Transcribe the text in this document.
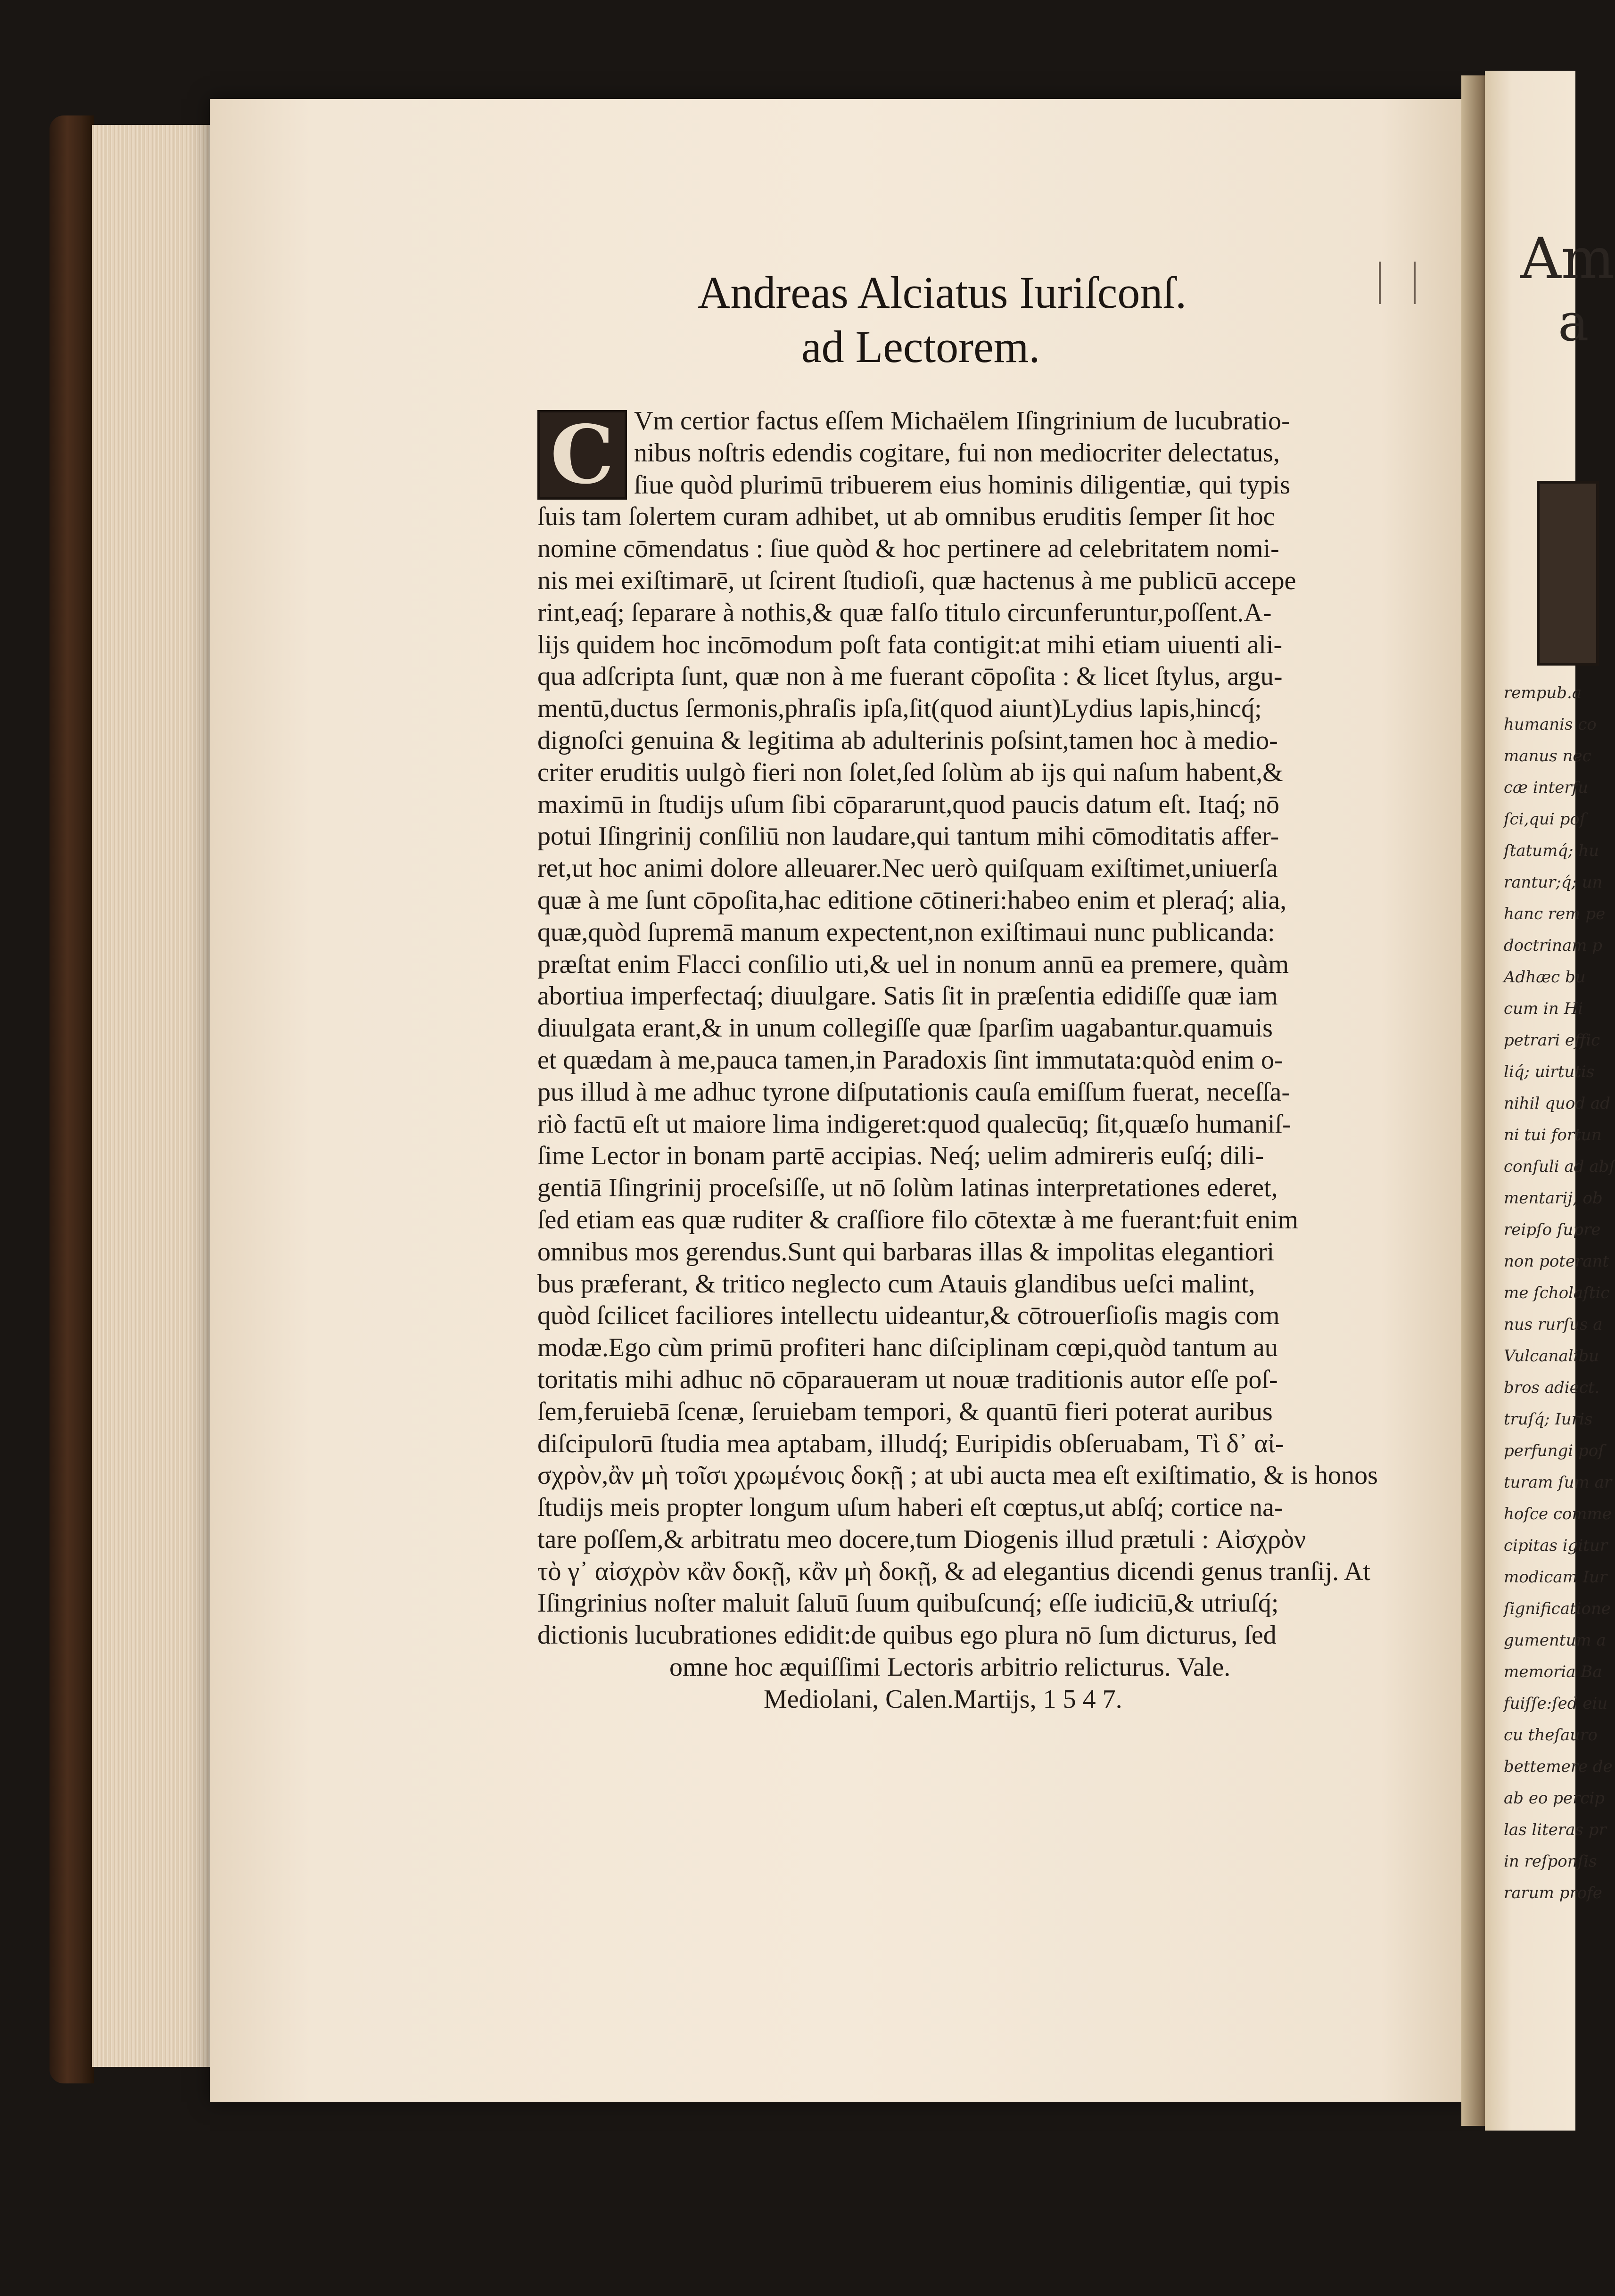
Am
a
rempub.a
humanis co
manus nec
cæ interfu
ſci,qui poſ
ſtatumq́; hu
rantur;q́; un
hanc rem pe
doctrinam p
Adhæc bu
cum in Hi
petrari effic
liq́; uirtutis
nihil quod ad
ni tui fortun
conſuli ad abſ
mentarij, ob
reipſo ſupre
non poterant
me ſcholaſtic
nus rurſus a
Vulcanalibu
bros adiect.
truſq́; Iuris
perfungi poſ
turam ſum ar
hoſce comme
cipitas igitur
modicam Iur
ſignificatione
gumentum a
memoria Ba
fuiſſe:ſed eiu
cu theſauro
bettemere de
ab eo percip
las literas pr
in reſponſis
rarum profe
Andreas Alciatus Iuriſconſ.
ad Lectorem.
Vm certior factus eſſem Michaëlem Iſingrinium de lucubratio-
nibus noſtris edendis cogitare, fui non mediocriter delectatus,
ſiue quòd plurimū tribuerem eius hominis diligentiæ, qui typis
ſuis tam ſolertem curam adhibet, ut ab omnibus eruditis ſemper ſit hoc
nomine cōmendatus : ſiue quòd & hoc pertinere ad celebritatem nomi-
nis mei exiſtimarē, ut ſcirent ſtudioſi, quæ hactenus à me publicū accepe
rint,eaq́; ſeparare à nothis,& quæ falſo titulo circunferuntur,poſſent.A-
lijs quidem hoc incōmodum poſt fata contigit:at mihi etiam uiuenti ali-
qua adſcripta ſunt, quæ non à me fuerant cōpoſita : & licet ſtylus, argu-
mentū,ductus ſermonis,phraſis ipſa,ſit(quod aiunt)Lydius lapis,hincq́;
dignoſci genuina & legitima ab adulterinis poſsint,tamen hoc à medio-
criter eruditis uulgò fieri non ſolet,ſed ſolùm ab ijs qui naſum habent,&
maximū in ſtudijs uſum ſibi cōpararunt,quod paucis datum eſt. Itaq́; nō
potui Iſingrinij conſiliū non laudare,qui tantum mihi cōmoditatis affer-
ret,ut hoc animi dolore alleuarer.Nec uerò quiſquam exiſtimet,uniuerſa
quæ à me ſunt cōpoſita,hac editione cōtineri:habeo enim et pleraq́; alia,
quæ,quòd ſupremā manum expectent,non exiſtimaui nunc publicanda:
præſtat enim Flacci conſilio uti,& uel in nonum annū ea premere, quàm
abortiua imperfectaq́; diuulgare. Satis ſit in præſentia edidiſſe quæ iam
diuulgata erant,& in unum collegiſſe quæ ſparſim uagabantur.quamuis
et quædam à me,pauca tamen,in Paradoxis ſint immutata:quòd enim o-
pus illud à me adhuc tyrone diſputationis cauſa emiſſum fuerat, neceſſa-
riò factū eſt ut maiore lima indigeret:quod qualecūq; ſit,quæſo humaniſ-
ſime Lector in bonam partē accipias. Neq́; uelim admireris euſq́; dili-
gentiā Iſingrinij proceſsiſſe, ut nō ſolùm latinas interpretationes ederet,
ſed etiam eas quæ ruditer & craſſiore filo cōtextæ à me fuerant:fuit enim
omnibus mos gerendus.Sunt qui barbaras illas & impolitas elegantiori
bus præferant, & tritico neglecto cum Atauis glandibus ueſci malint,
quòd ſcilicet faciliores intellectu uideantur,& cōtrouerſioſis magis com
modæ.Ego cùm primū profiteri hanc diſciplinam cœpi,quòd tantum au
toritatis mihi adhuc nō cōparaueram ut nouæ traditionis autor eſſe poſ-
ſem,feruiebā ſcenæ, ſeruiebam tempori, & quantū fieri poterat auribus
diſcipulorū ſtudia mea aptabam, illudq́; Euripidis obſeruabam, Τὶ δ᾽ αἰ-
σχρὸν,ἂν μὴ τοῖσι χρωμένοις δοκῇ ; at ubi aucta mea eſt exiſtimatio, & is honos
ſtudijs meis propter longum uſum haberi eſt cœptus,ut abſq́; cortice na-
tare poſſem,& arbitratu meo docere,tum Diogenis illud prætuli : Αἰσχρὸν
τὸ γ᾽ αἰσχρὸν κἂν δοκῇ, κἂν μὴ δοκῇ, & ad elegantius dicendi genus tranſij. At
Iſingrinius noſter maluit ſaluū ſuum quibuſcunq́; eſſe iudiciū,& utriuſq́;
dictionis lucubrationes edidit:de quibus ego plura nō ſum dicturus, ſed
omne hoc æquiſſimi Lectoris arbitrio relicturus. Vale.
Mediolani, Calen.Martijs, 1 5 4 7.
C
